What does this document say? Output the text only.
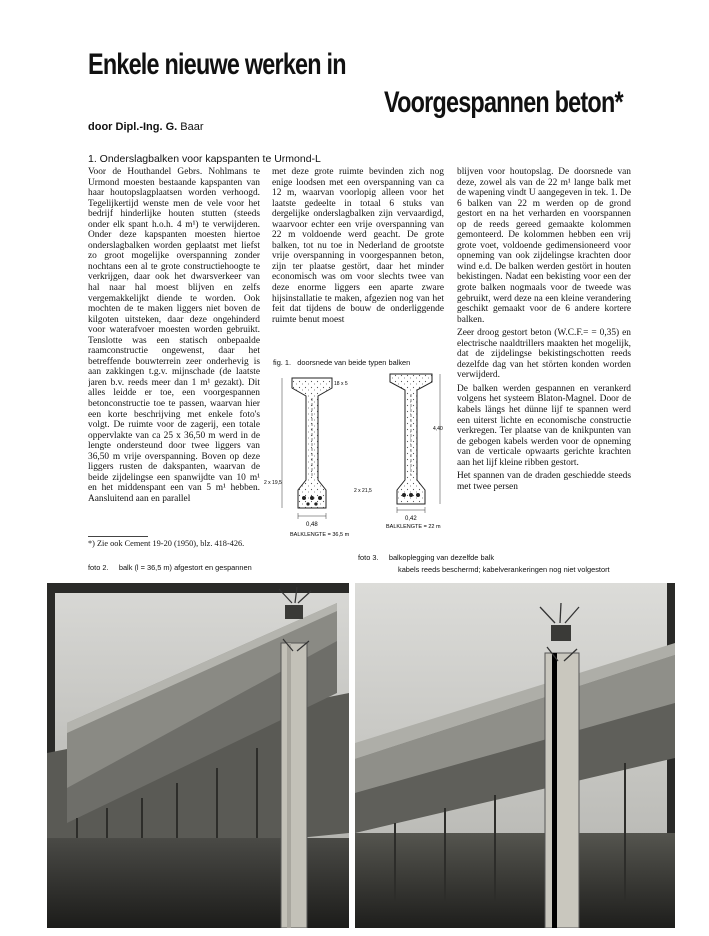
Enkele nieuwe werken in
Voorgespannen beton*
door Dipl.-Ing. G. Baar
1. Onderslagbalken voor kapspanten te Urmond-L

Voor de Houthandel Gebrs. Nohlmans te Urmond moesten bestaande kapspanten van haar houtopslagplaatsen worden verhoogd. Tegelijkertijd wenste men de vele voor het bedrijf hinderlijke houten stutten (steeds onder elk spant h.o.h. 4 m¹) te verwijderen. Onder deze kapspanten moesten hiertoe onderslagbalken worden geplaatst met liefst zo groot mogelijke overspanning zonder nochtans een al te grote constructiehoogte te verkrijgen, daar ook het dwarsverkeer van hal naar hal moest blijven en zelfs vergemakkelijkt diende te worden. Ook mochten de te maken liggers niet boven de kilgoten uitsteken, daar deze ongehinderd voor waterafvoer moesten worden gebruikt. Tenslotte was een statisch onbepaalde raamconstructie ongewenst, daar het betreffende bouwterrein zeer onderhevig is aan zakkingen t.g.v. mijnschade (de laatste jaren b.v. reeds meer dan 1 m¹ gezakt). Dit alles leidde er toe, een voorgespannen betonconstructie toe te passen, waarvan hier een korte beschrijving met enkele foto's volgt. De ruimte voor de zagerij, een totale oppervlakte van ca 25 x 36,50 m werd in de lengte ondersteund door twee liggers van 36,50 m vrije overspanning. Boven op deze liggers rusten de dakspanten, waarvan de beide zijdelingse een spanwijdte van 10 m¹ en het middenspant een van 5 m¹ hebben. Aansluitend aan en parallel

met deze grote ruimte bevinden zich nog enige loodsen met een overspanning van ca 12 m, waarvan voorlopig alleen voor het laatste gedeelte in totaal 6 stuks van dergelijke onderslagbalken zijn vervaardigd, waarvoor echter een vrije overspanning van 22 m voldoende werd geacht. De grote balken, tot nu toe in Nederland de grootste vrije overspanning in voorgespannen beton, zijn ter plaatse gestört, daar het minder economisch was om voor slechts twee van deze enorme liggers een aparte zware hijsinstallatie te maken, afgezien nog van het feit dat tijdens de bouw de onderliggende ruimte benut moest

blijven voor houtopslag. De doorsnede van deze, zowel als van de 22 m¹ lange balk met de wapening vindt U aangegeven in tek. 1. De 6 balken van 22 m werden op de grond gestort en na het verharden en voorspannen op de reeds gereed gemaakte kolommen gemonteerd. De kolommen hebben een vrij grote voet, voldoende gedimensioneerd voor opneming van ook zijdelingse krachten door wind e.d. De balken werden gestört in houten bekistingen. Nadat een bekisting voor een der grote balken nogmaals voor de tweede was gebruikt, werd deze na een kleine verandering geschikt gemaakt voor de 6 andere kortere balken.

Zeer droog gestort beton (W.C.F.= = 0,35) en electrische naaldtrillers maakten het mogelijk, dat de zijdelingse bekistingschotten reeds dezelfde dag van het störten konden worden verwijderd.

De balken werden gespannen en verankerd volgens het systeem Blaton-Magnel. Door de kabels längs het dünne lijf te spannen werd een uiterst lichte en economische constructie verkregen. Ter plaatse van de knikpunten van de gebogen kabels werden voor de opneming van de verticale opwaarts gerichte krachten aan het lijf kleine ribben gestort.

Het spannen van de draden geschiedde steeds met twee persen

*) Zie ook Cement 19-20 (1950), blz. 418-426.
fig. 1. doorsnede van beide typen balken
0,48
BALKLENGTE = 36,5 m
2 x 19,5
18 x 5
0,42
BALKLENGTE = 22 m
2 x 21,5
4,40
foto 2. balk (l = 36,5 m) afgestort en gespannen
foto 3. balkoplegging van dezelfde balk
kabels reeds beschermd; kabelverankeringen nog niet volgestort
